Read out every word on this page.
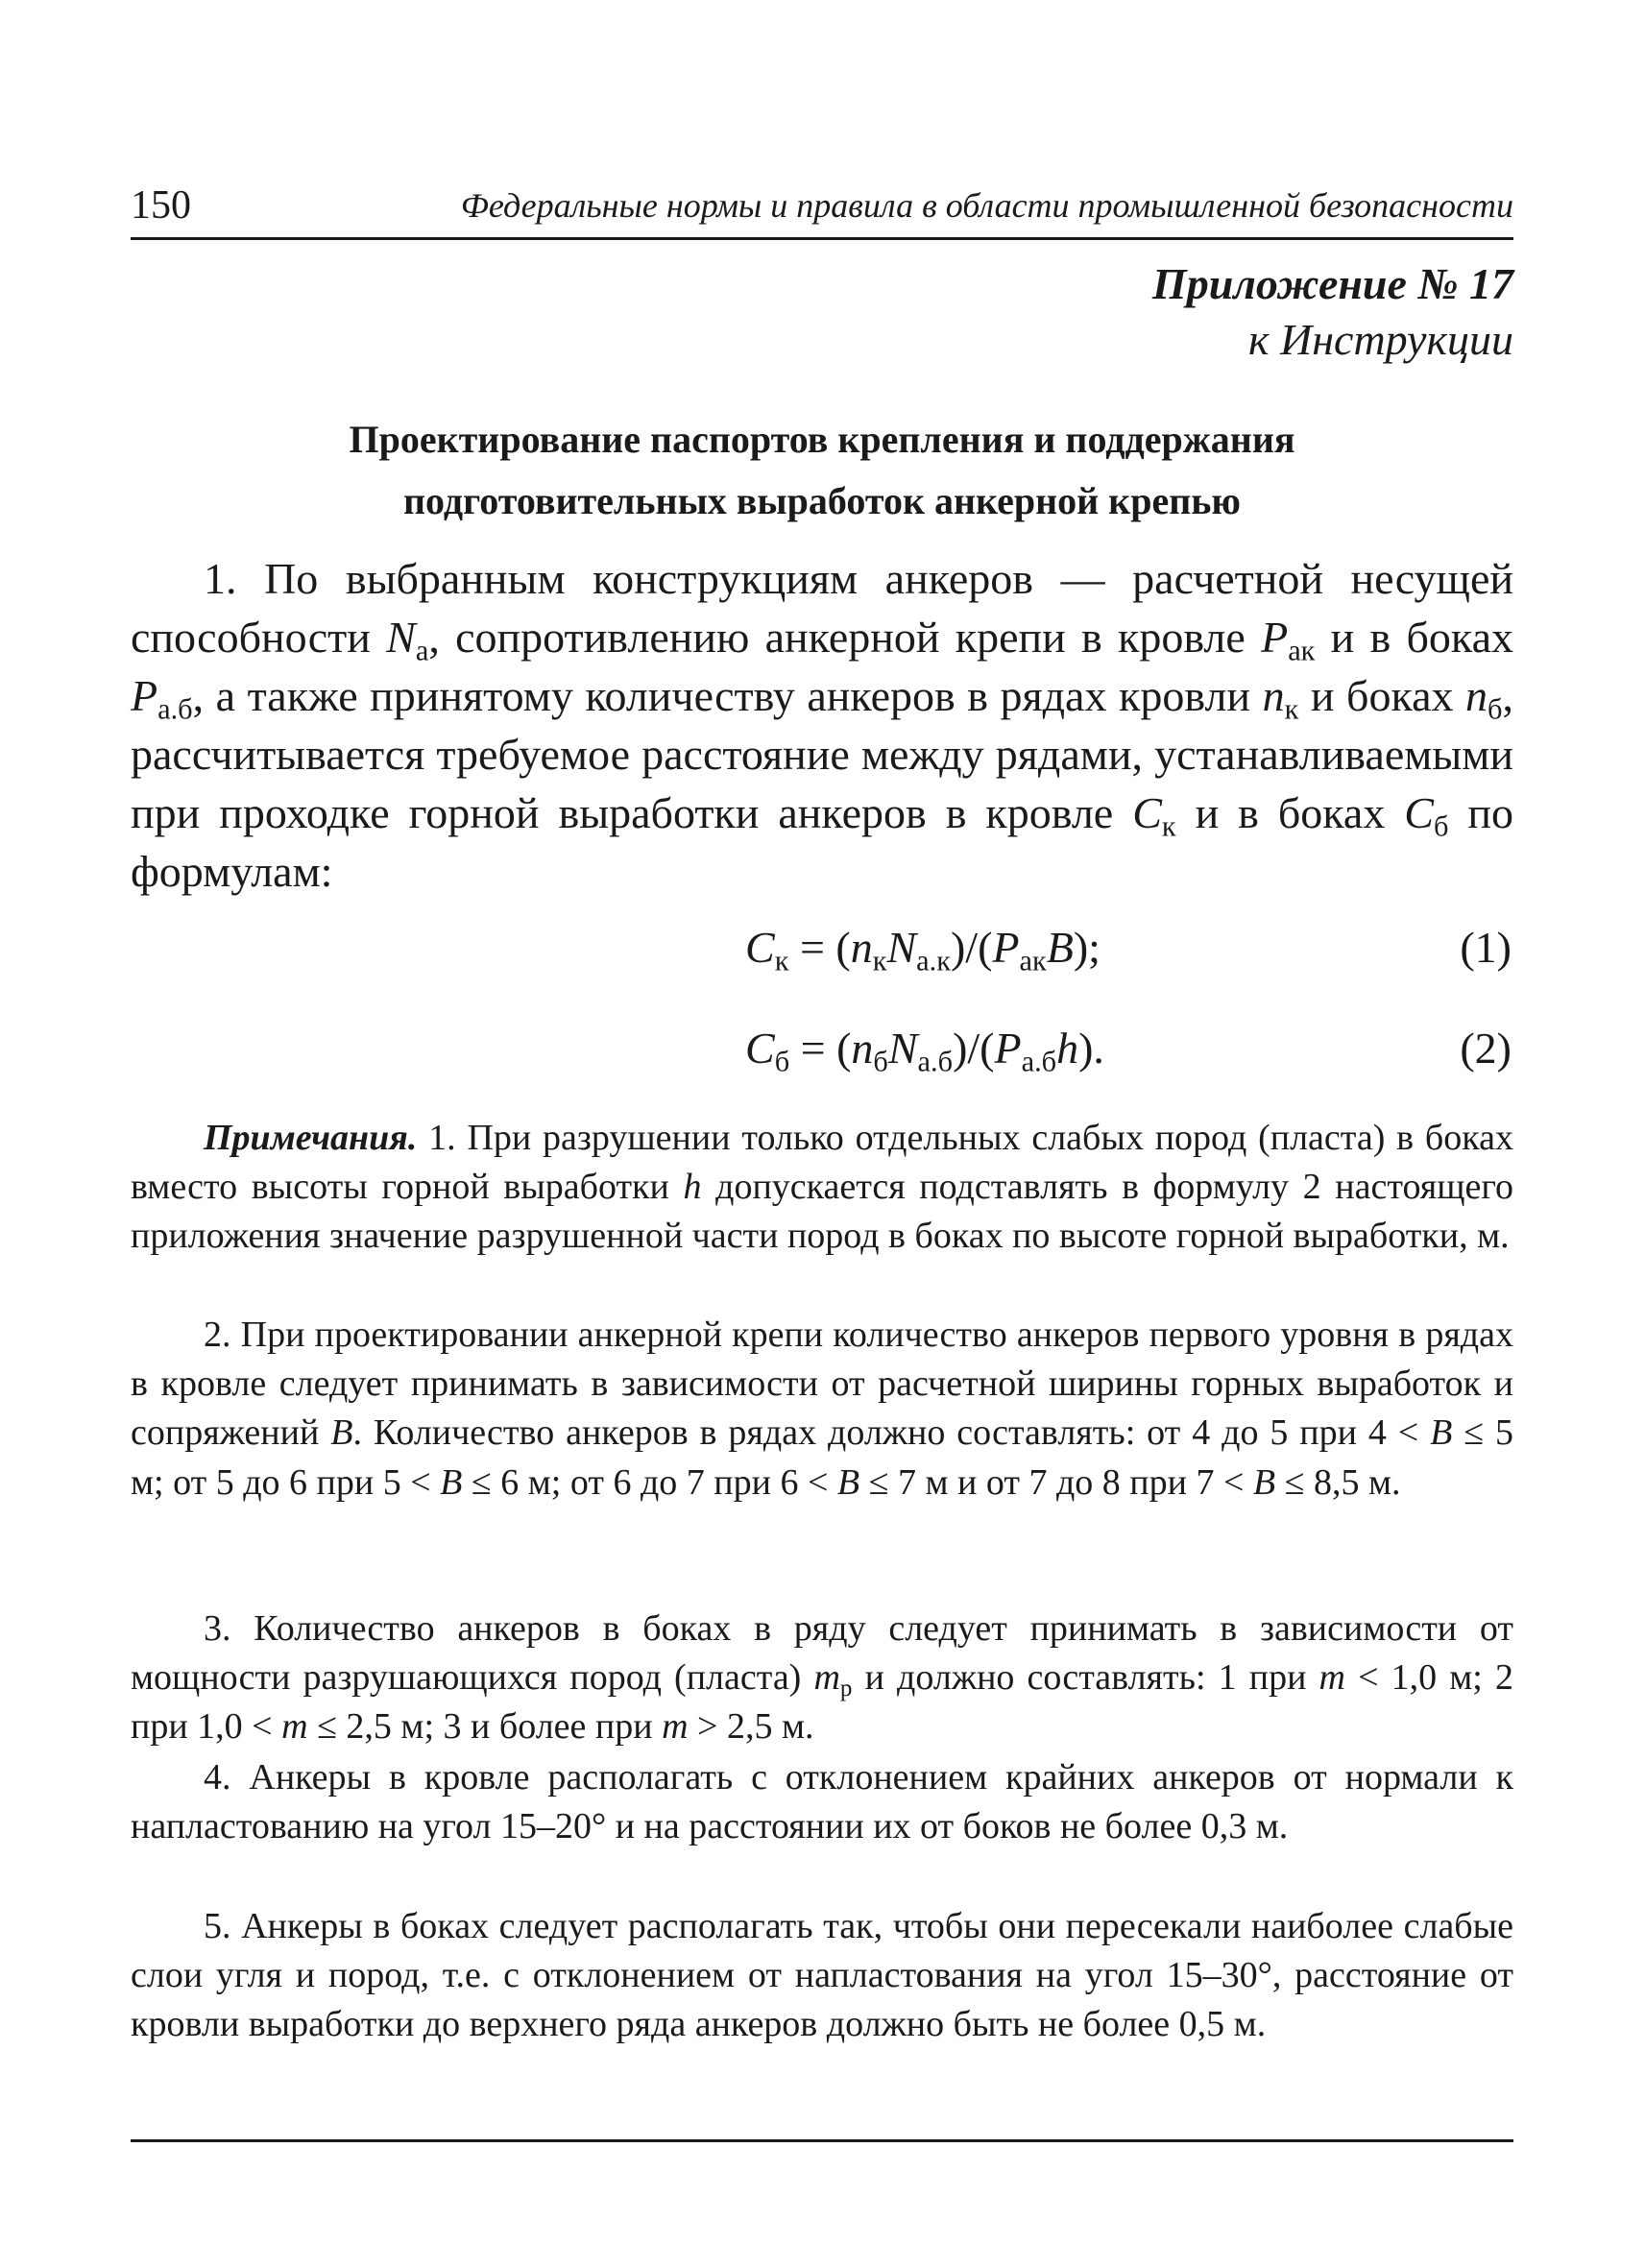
150	Федеральные нормы и правила в области промышленной безопасности
Приложение № 17
к Инструкции
Проектирование паспортов крепления и поддержания
подготовительных выработок анкерной крепью

1. По выбранным конструкциям анкеров — расчетной несущей способности $N_а$, сопротивлению анкерной крепи в кровле $P_{ак}$ и в боках $P_{а.б}$, а также принятому количеству анкеров в рядах кровли $n_к$ и боках $n_б$, рассчитывается требуемое расстояние между рядами, устанавливаемыми при проходке горной выработки анкеров в кровле $C_к$ и в боках $C_б$ по формулам:

$C_к = (n_кN_{а.к})/(P_{ак}B)$;	(1)
$C_б = (n_бN_{а.б})/(P_{а.б}h)$.	(2)

Примечания. 1. При разрушении только отдельных слабых пород (пласта) в боках вместо высоты горной выработки h допускается подставлять в формулу 2 настоящего приложения значение разрушенной части пород в боках по высоте горной выработки, м.

2. При проектировании анкерной крепи количество анкеров первого уровня в рядах в кровле следует принимать в зависимости от расчетной ширины горных выработок и сопряжений B. Количество анкеров в рядах должно составлять: от 4 до 5 при 4 < B ≤ 5 м; от 5 до 6 при 5 < B ≤ 6 м; от 6 до 7 при 6 < B ≤ 7 м и от 7 до 8 при 7 < B ≤ 8,5 м.

3. Количество анкеров в боках в ряду следует принимать в зависимости от мощности разрушающихся пород (пласта) $m_р$ и должно составлять: 1 при m < 1,0 м; 2 при 1,0 < m ≤ 2,5 м; 3 и более при m > 2,5 м.

4. Анкеры в кровле располагать с отклонением крайних анкеров от нормали к напластованию на угол 15–20° и на расстоянии их от боков не более 0,3 м.

5. Анкеры в боках следует располагать так, чтобы они пересекали наиболее слабые слои угля и пород, т.е. с отклонением от напластования на угол 15–30°, расстояние от кровли выработки до верхнего ряда анкеров должно быть не более 0,5 м.
